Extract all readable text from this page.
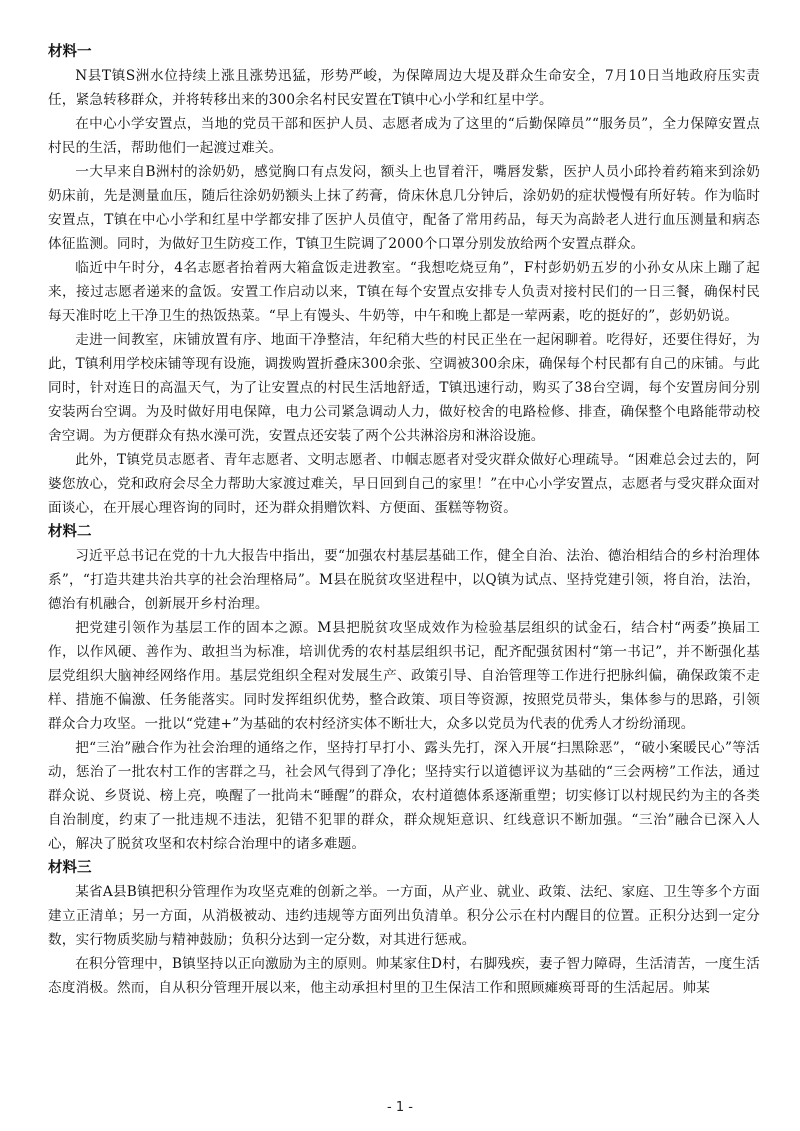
材料一

N县T镇S洲水位持续上涨且涨势迅猛，形势严峻，为保障周边大堤及群众生命安全，7月10日当地政府压实责任，紧急转移群众，并将转移出来的300余名村民安置在T镇中心小学和红星中学。

在中心小学安置点，当地的党员干部和医护人员、志愿者成为了这里的“后勤保障员”“服务员”，全力保障安置点村民的生活，帮助他们一起渡过难关。

一大早来自B洲村的涂奶奶，感觉胸口有点发闷，额头上也冒着汗，嘴唇发紫，医护人员小邱拎着药箱来到涂奶奶床前，先是测量血压，随后往涂奶奶额头上抹了药膏，倚床休息几分钟后，涂奶奶的症状慢慢有所好转。作为临时安置点，T镇在中心小学和红星中学都安排了医护人员值守，配备了常用药品，每天为高龄老人进行血压测量和病态体征监测。同时，为做好卫生防疫工作，T镇卫生院调了2000个口罩分别发放给两个安置点群众。

临近中午时分，4名志愿者抬着两大箱盒饭走进教室。“我想吃烧豆角”，F村彭奶奶五岁的小孙女从床上蹦了起来，接过志愿者递来的盒饭。安置工作启动以来，T镇在每个安置点安排专人负责对接村民们的一日三餐，确保村民每天准时吃上干净卫生的热饭热菜。“早上有馒头、牛奶等，中午和晚上都是一荤两素，吃的挺好的”，彭奶奶说。

走进一间教室，床铺放置有序、地面干净整洁，年纪稍大些的村民正坐在一起闲聊着。吃得好，还要住得好，为此，T镇利用学校床铺等现有设施，调拨购置折叠床300余张、空调被300余床，确保每个村民都有自己的床铺。与此同时，针对连日的高温天气，为了让安置点的村民生活地舒适，T镇迅速行动，购买了38台空调，每个安置房间分别安装两台空调。为及时做好用电保障，电力公司紧急调动人力，做好校舍的电路检修、排查，确保整个电路能带动校舍空调。为方便群众有热水澡可洗，安置点还安装了两个公共淋浴房和淋浴设施。

此外，T镇党员志愿者、青年志愿者、文明志愿者、巾帼志愿者对受灾群众做好心理疏导。“困难总会过去的，阿婆您放心，党和政府会尽全力帮助大家渡过难关，早日回到自己的家里！”在中心小学安置点，志愿者与受灾群众面对面谈心，在开展心理咨询的同时，还为群众捐赠饮料、方便面、蛋糕等物资。

材料二

习近平总书记在党的十九大报告中指出，要“加强农村基层基础工作，健全自治、法治、德治相结合的乡村治理体系”，“打造共建共治共享的社会治理格局”。M县在脱贫攻坚进程中，以Q镇为试点、坚持党建引领，将自治，法治，德治有机融合，创新展开乡村治理。

把党建引领作为基层工作的固本之源。M县把脱贫攻坚成效作为检验基层组织的试金石，结合村“两委”换届工作，以作风硬、善作为、敢担当为标准，培训优秀的农村基层组织书记，配齐配强贫困村“第一书记”，并不断强化基层党组织大脑神经网络作用。基层党组织全程对发展生产、政策引导、自治管理等工作进行把脉纠偏，确保政策不走样、措施不偏激、任务能落实。同时发挥组织优势，整合政策、项目等资源，按照党员带头，集体参与的思路，引领群众合力攻坚。一批以“党建+”为基础的农村经济实体不断壮大，众多以党员为代表的优秀人才纷纷涌现。

把“三治”融合作为社会治理的通络之作，坚持打早打小、露头先打，深入开展“扫黑除恶”，“破小案暖民心”等活动，惩治了一批农村工作的害群之马，社会风气得到了净化；坚持实行以道德评议为基础的“三会两榜”工作法，通过群众说、乡贤说、榜上亮，唤醒了一批尚未“睡醒”的群众，农村道德体系逐渐重塑；切实修订以村规民约为主的各类自治制度，约束了一批违规不违法，犯错不犯罪的群众，群众规矩意识、红线意识不断加强。“三治”融合已深入人心，解决了脱贫攻坚和农村综合治理中的诸多难题。

材料三

某省A县B镇把积分管理作为攻坚克难的创新之举。一方面，从产业、就业、政策、法纪、家庭、卫生等多个方面建立正清单；另一方面，从消极被动、违约违规等方面列出负清单。积分公示在村内醒目的位置。正积分达到一定分数，实行物质奖励与精神鼓励；负积分达到一定分数，对其进行惩戒。

在积分管理中，B镇坚持以正向激励为主的原则。帅某家住D村，右脚残疾，妻子智力障碍，生活清苦，一度生活态度消极。然而，自从积分管理开展以来，他主动承担村里的卫生保洁工作和照顾瘫痪哥哥的生活起居。帅某

- 1 -
